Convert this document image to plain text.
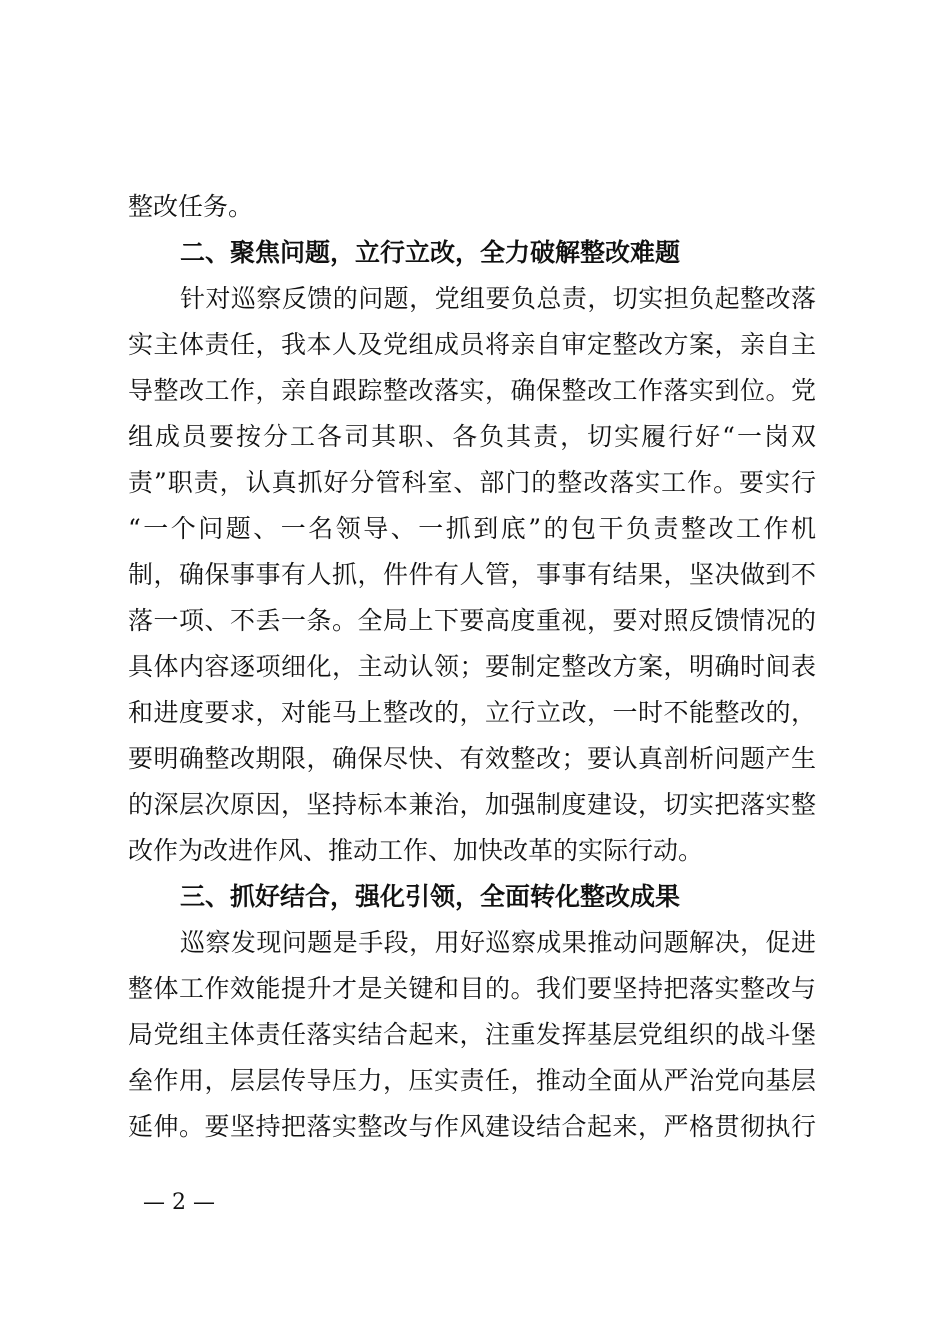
整改任务。
二、聚焦问题，立行立改，全力破解整改难题
针对巡察反馈的问题，党组要负总责，切实担负起整改落
实主体责任，我本人及党组成员将亲自审定整改方案，亲自主
导整改工作，亲自跟踪整改落实，确保整改工作落实到位。党
组成员要按分工各司其职、各负其责，切实履行好“一岗双
责”职责，认真抓好分管科室、部门的整改落实工作。要实行
“一个问题、一名领导、一抓到底”的包干负责整改工作机
制，确保事事有人抓，件件有人管，事事有结果，坚决做到不
落一项、不丢一条。全局上下要高度重视，要对照反馈情况的
具体内容逐项细化，主动认领；要制定整改方案，明确时间表
和进度要求，对能马上整改的，立行立改，一时不能整改的，
要明确整改期限，确保尽快、有效整改；要认真剖析问题产生
的深层次原因，坚持标本兼治，加强制度建设，切实把落实整
改作为改进作风、推动工作、加快改革的实际行动。
三、抓好结合，强化引领，全面转化整改成果
巡察发现问题是手段，用好巡察成果推动问题解决，促进
整体工作效能提升才是关键和目的。我们要坚持把落实整改与
局党组主体责任落实结合起来，注重发挥基层党组织的战斗堡
垒作用，层层传导压力，压实责任，推动全面从严治党向基层
延伸。要坚持把落实整改与作风建设结合起来，严格贯彻执行
— 2 —
